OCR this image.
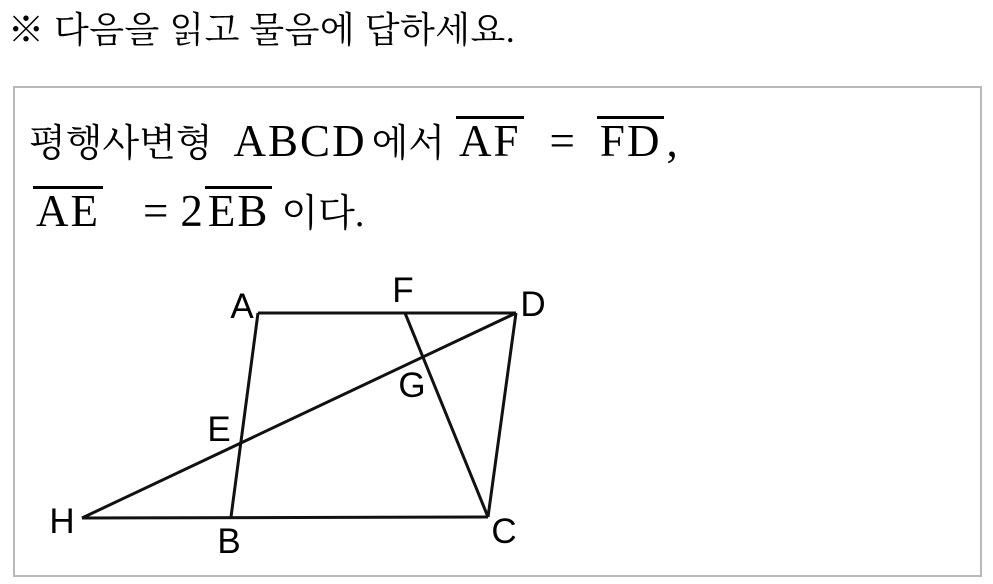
※ 다음을 읽고 물음에 답하세요.
평행사변형 ABCD 에서 AF = FD ,
AE = 2 EB 이다.
A
B	C
D
E
F
G
H
